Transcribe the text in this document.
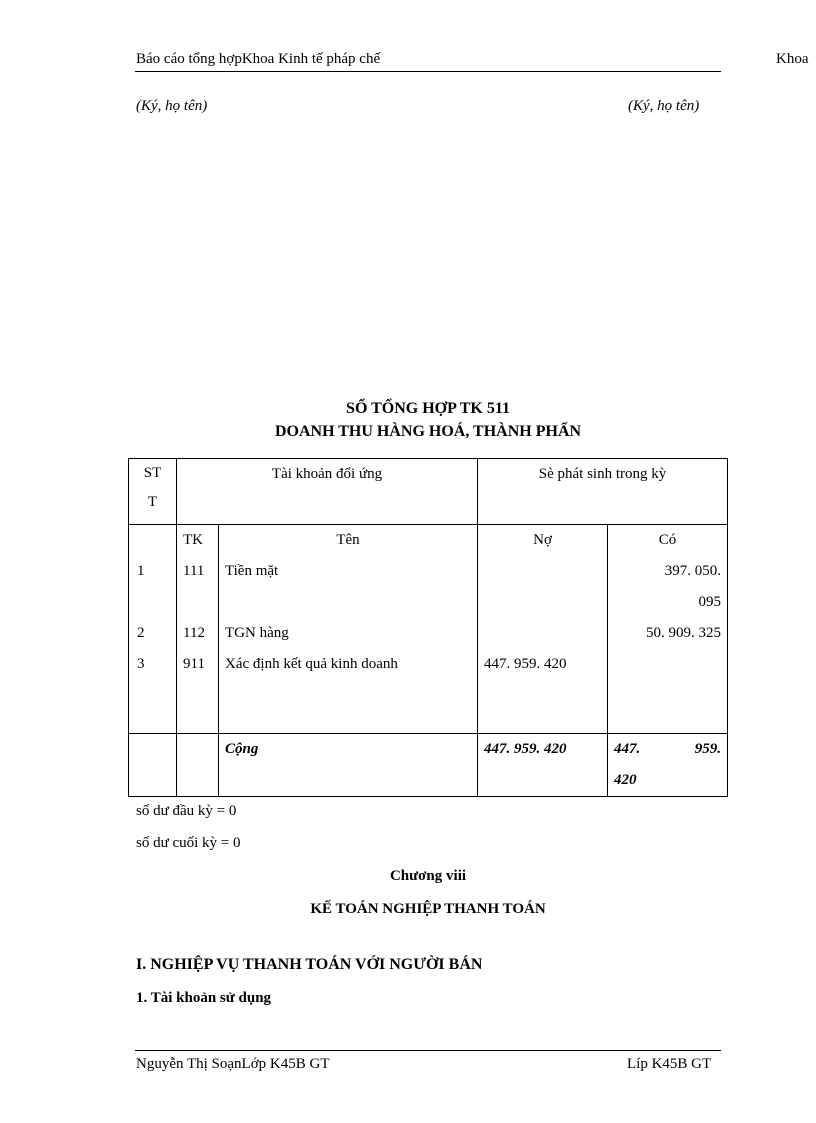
Báo cáo tổng hợpKhoa Kinh tế pháp chế	Khoa
(Ký, họ tên)	(Ký, họ tên)
SỔ TỔNG HỢP TK 511
DOANH THU HÀNG HOÁ, THÀNH PHẨN
ST
T	Tài khoản đối ứng		Sè phát sinh trong kỳ	
	TK	Tên	Nợ	Có
1	111	Tiền mặt		397. 050.
095

2	112	TGN hàng		50. 909. 325
3	911	Xác định kết quả kinh doanh	447. 959. 420	
		Cộng	447. 959. 420	447. 959.
420
số dư đầu kỳ = 0
số dư cuối kỳ = 0
Chương viii
KẾ TOÁN NGHIỆP THANH TOÁN
I. NGHIỆP VỤ THANH TOÁN VỚI NGƯỜI BÁN
1. Tài khoản sử dụng
Nguyễn Thị SoạnLớp K45B GT	Líp K45B GT
